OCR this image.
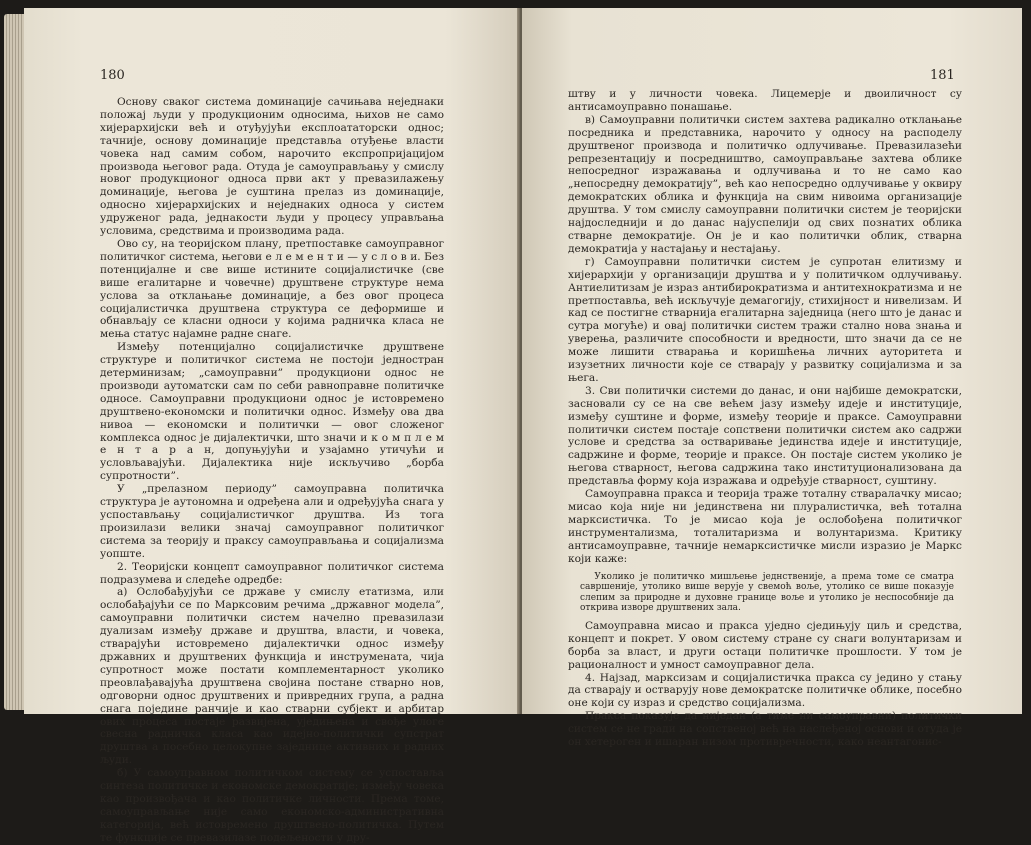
180

Основу сваког система доминације сачињава неједнаки положај људи у продукционим односима, њихов не само хијерархијски већ и отуђујући експлоататорски однос; тачније, основу доминације представља отуђење власти човека над самим собом, нарочито експропријацијом производа његовог рада. Отуда је самоуправљању у смислу новог продукционог односа први акт у превазилажењу доминације, његова је суштина прелаз из доминације, односно хијерархијских и неједнаких односа у систем удруженог рада, једнакости људи у процесу управљања условима, средствима и производима рада.

Ово су, на теоријском плану, претпоставке самоуправног политичког система, његови е л е м е н т и — у с л о в и. Без потенцијалне и све више истините социјалистичке (све више егалитарне и човечне) друштвене структуре нема услова за отклањање доминације, а без овог процеса социјалистичка друштвена структура се деформише и обнављају се класни односи у којима радничка класа не мења статус најамне радне снаге.

Између потенцијално социјалистичке друштвене структуре и политичког система не постоји једностран детерминизам; „самоуправни” продукциони однос не производи аутоматски сам по себи равноправне политичке односе. Самоуправни продукциони однос је истовремено друштвено-економски и политички однос. Између ова два нивоа — економски и политички — овог сложеног комплекса однос је дијалектички, што значи и к о м п л е м е н т а р а н, допуњујући и узајамно утичући и условљавајући. Дијалектика није искључиво „борба супротности”.

У „прелазном периоду” самоуправна политичка структура је аутономна и одређена али и одређујућа снага у успостављању социјалистичког друштва. Из тога произилази велики значај самоуправног политичког система за теорију и праксу самоуправљања и социјализма уопште.

2. Теоријски концепт самоуправног политичког система подразумева и следеће одредбе:

а) Ослобађујући се државе у смислу етатизма, или ослобађајући се по Марксовим речима „државног модела”, самоуправни политички систем начелно превазилази дуализам између државе и друштва, власти, и човека, стварајући истовремено дијалектички однос између државних и друштвених функција и инструмената, чија супротност може постати комплементарност уколико преовлађавајућа друштвена својина постане стварно нов, одговорни однос друштвених и привредних група, а радна снага поједине ранчије и као стварни субјект и арбитар ових процеса постаје развијена, уједињена и свође улоге свесна радничка класа као идејно-политички супстрат друштва а посебно целокупне заједнице активних и радних људи.

б) У самоуправном политичком систему се успоставља синтеза политичке и економске демократије; између човека као произвођача и као политичке личности. Према томе, самоуправљање није само економско-административна категорија, већ истовремено друштвено-политичка. Путем те функције се превазилазе подељености у дру-

181

штву и у личности човека. Лицемерје и двоиличност су антисамоуправно понашање.

в) Самоуправни политички систем захтева радикално отклањање посредника и представника, нарочито у односу на расподелу друштвеног производа и политичко одлучивање. Превазилазећи репрезентацију и посредништво, самоуправљање захтева облике непосредног изражавања и одлучивања и то не само као „непосредну демократију”, већ као непосредно одлучивање у оквиру демократских облика и функција на свим нивоима организације друштва. У том смислу самоуправни политички систем је теоријски најдоследнији и до данас најуспелији од свих познатих облика стварне демократије. Он је и као политички облик, стварна демократија у настајању и нестајању.

г) Самоуправни политички систем је супротан елитизму и хијерархији у организацији друштва и у политичком одлучивању. Антиелитизам је израз антибирократизма и антитехнократизма и не претпоставља, већ искључује демагогију, стихијност и нивелизам. И кад се постигне стварнија егалитарна заједница (него што је данас и сутра могуће) и овај политички систем тражи стално нова знања и уверења, различите способности и вредности, што значи да се не може лишити стварања и коришћења личних ауторитета и изузетних личности које се стварају у развитку социјализма и за њега.

3. Сви политички системи до данас, и они најбише демократски, засновали су се на све већем јазу између идеје и институције, између суштине и форме, између теорије и праксе. Самоуправни политички систем постаје сопствени политички систем ако садржи услове и средства за остваривање јединства идеје и институције, садржине и форме, теорије и праксе. Он постаје систем уколико је његова стварност, његова садржина тако институционализована да представља форму која изражава и одређује стварност, суштину.

Самоуправна пракса и теорија траже тоталну стваралачку мисао; мисао која није ни јединствена ни плуралистичка, већ тотална марксистичка. То је мисао која је ослобођена политичког инструментализма, тоталитаризма и волунтаризма. Критику антисамоуправне, тачније немарксистичке мисли изразио је Маркс који каже:

Уколико је политичко мишљење једнственије, а према томе се сматра савршеније, утолико више верује у свемоћ воље, утолико се више показује слепим за природне и духовне границе воље и утолико је неспособније да открива изворе друштвених зала.

Самоуправна мисао и пракса уједно сједињују циљ и средства, концепт и покрет. У овом систему стране су снаги волунтаризам и борба за власт, и други остаци политичке прошлости. У том је рационалност и умност самоуправног дела.

4. Најзад, марксизам и социјалистичка пракса су једино у стању да стварају и остварују нове демократске политичке облике, посебно оне који су израз и средство социјализма.

Пракса показује да ниједан (а тиме ни самоуправни) политички систем се не гради на сопственој већ на наслеђеној основи и отуда је он хетероген и ишаран низом противречности, како неантагонис-
